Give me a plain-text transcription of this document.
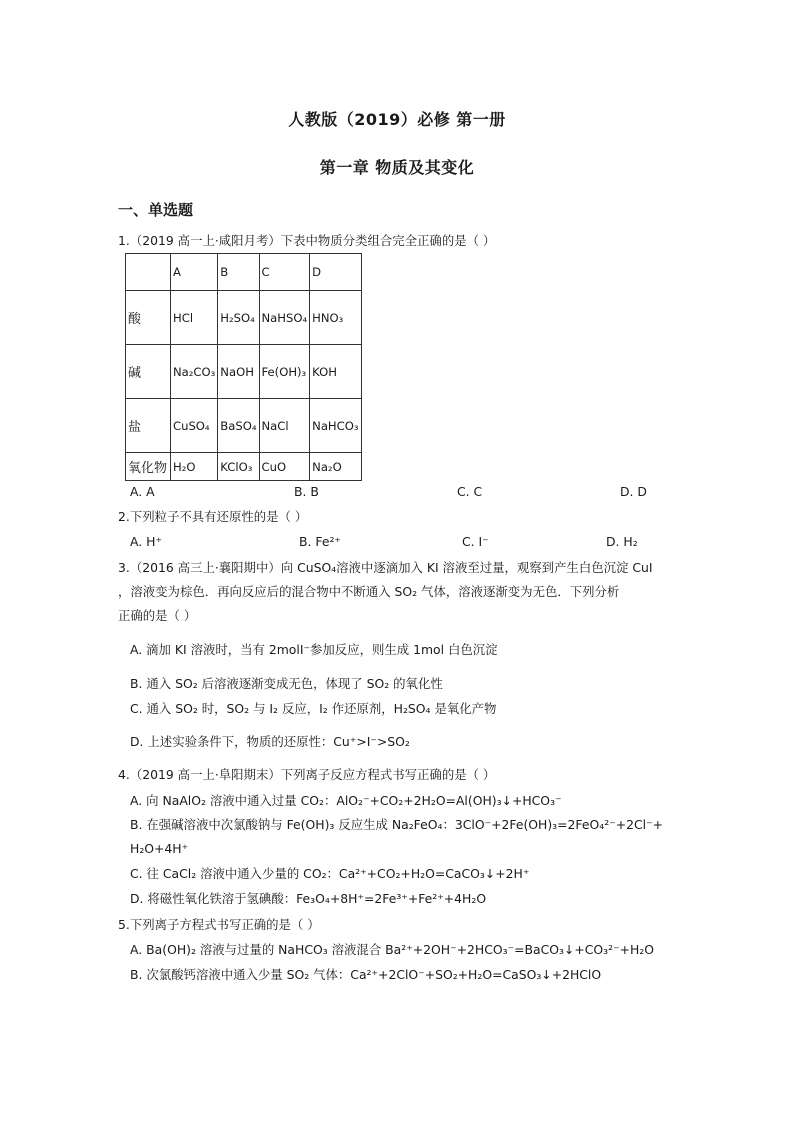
人教版（2019）必修 第一册
第一章 物质及其变化
一、单选题
1.（2019 高一上·咸阳月考）下表中物质分类组合完全正确的是（ ）
	A	B	C	D
酸	HCl	H₂SO₄	NaHSO₄	HNO₃
碱	Na₂CO₃	NaOH	Fe(OH)₃	KOH
盐	CuSO₄	BaSO₄	NaCl	NaHCO₃
氧化物	H₂O	KClO₃	CuO	Na₂O
A. A	B. B	C. C	D. D
2.下列粒子不具有还原性的是（ ）
A. H⁺	B. Fe²⁺	C. I⁻	D. H₂
3.（2016 高三上·襄阳期中）向 CuSO₄溶液中逐滴加入 KI 溶液至过量，观察到产生白色沉淀 CuI
，溶液变为棕色．再向反应后的混合物中不断通入 SO₂ 气体，溶液逐渐变为无色．下列分析
正确的是（ ）
A. 滴加 KI 溶液时，当有 2molI⁻参加反应，则生成 1mol 白色沉淀
B. 通入 SO₂ 后溶液逐渐变成无色，体现了 SO₂ 的氧化性
C. 通入 SO₂ 时，SO₂ 与 I₂ 反应，I₂ 作还原剂，H₂SO₄ 是氧化产物
D. 上述实验条件下，物质的还原性：Cu⁺>I⁻>SO₂
4.（2019 高一上·阜阳期末）下列离子反应方程式书写正确的是（ ）
A. 向 NaAlO₂ 溶液中通入过量 CO₂：AlO₂⁻+CO₂+2H₂O=Al(OH)₃↓+HCO₃⁻
B. 在强碱溶液中次氯酸钠与 Fe(OH)₃ 反应生成 Na₂FeO₄：3ClO⁻+2Fe(OH)₃=2FeO₄²⁻+2Cl⁻+
H₂O+4H⁺
C. 往 CaCl₂ 溶液中通入少量的 CO₂：Ca²⁺+CO₂+H₂O=CaCO₃↓+2H⁺
D. 将磁性氧化铁溶于氢碘酸：Fe₃O₄+8H⁺=2Fe³⁺+Fe²⁺+4H₂O
5.下列离子方程式书写正确的是（ ）
A. Ba(OH)₂ 溶液与过量的 NaHCO₃ 溶液混合 Ba²⁺+2OH⁻+2HCO₃⁻=BaCO₃↓+CO₃²⁻+H₂O
B. 次氯酸钙溶液中通入少量 SO₂ 气体：Ca²⁺+2ClO⁻+SO₂+H₂O=CaSO₃↓+2HClO
